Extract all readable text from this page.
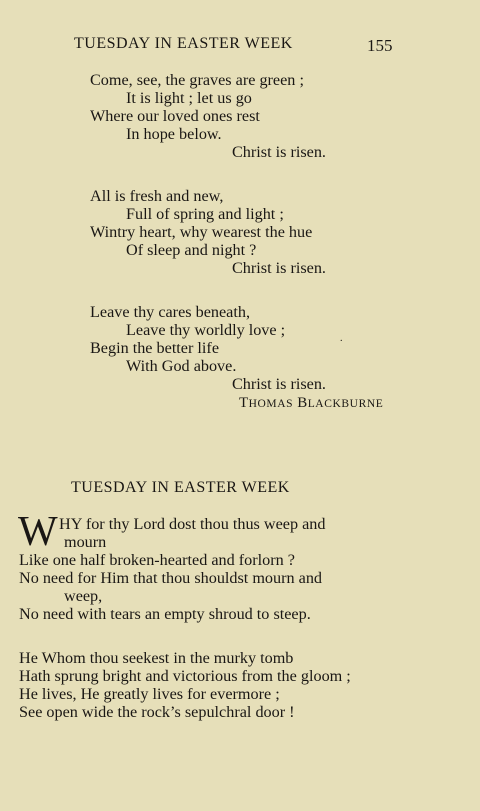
TUESDAY IN EASTER WEEK	155
Come, see, the graves are green ;
It is light ; let us go
Where our loved ones rest
In hope below.
Christ is risen.
All is fresh and new,
Full of spring and light ;
Wintry heart, why wearest the hue
Of sleep and night ?
Christ is risen.
Leave thy cares beneath,
Leave thy worldly love ;	.
Begin the better life
With God above.
Christ is risen.
THOMAS BLACKBURNE
TUESDAY IN EASTER WEEK
W HY for thy Lord dost thou thus weep and
mourn
Like one half broken-hearted and forlorn ?
No need for Him that thou shouldst mourn and
weep,
No need with tears an empty shroud to steep.
He Whom thou seekest in the murky tomb
Hath sprung bright and victorious from the gloom ;
He lives, He greatly lives for evermore ;
See open wide the rock’s sepulchral door !
